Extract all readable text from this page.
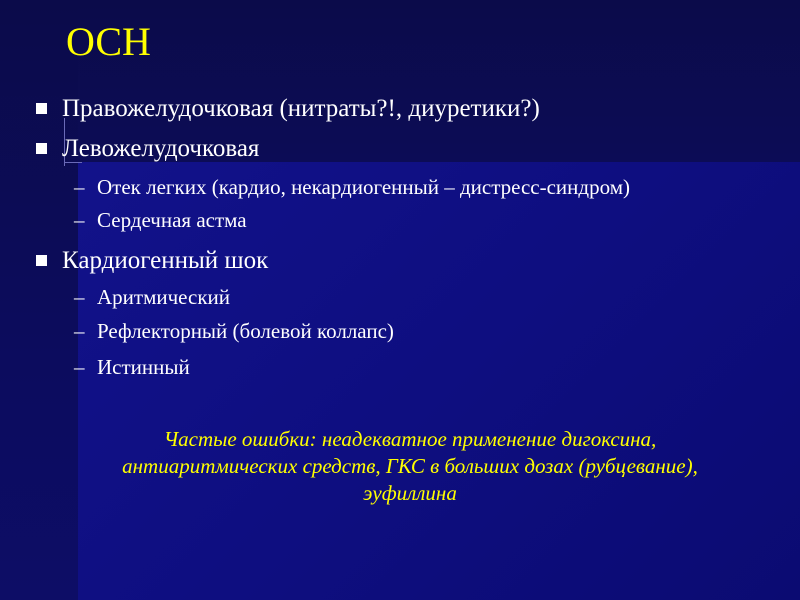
ОСН
Правожелудочковая (нитраты?!, диуретики?)
Левожелудочковая
– Отек легких (кардио, некардиогенный – дистресс-синдром)
– Сердечная астма
Кардиогенный шок
– Аритмический
– Рефлекторный (болевой коллапс)
– Истинный
Частые ошибки: неадекватное применение дигоксина,
антиаритмических средств, ГКС в больших дозах (рубцевание),
эуфиллина
